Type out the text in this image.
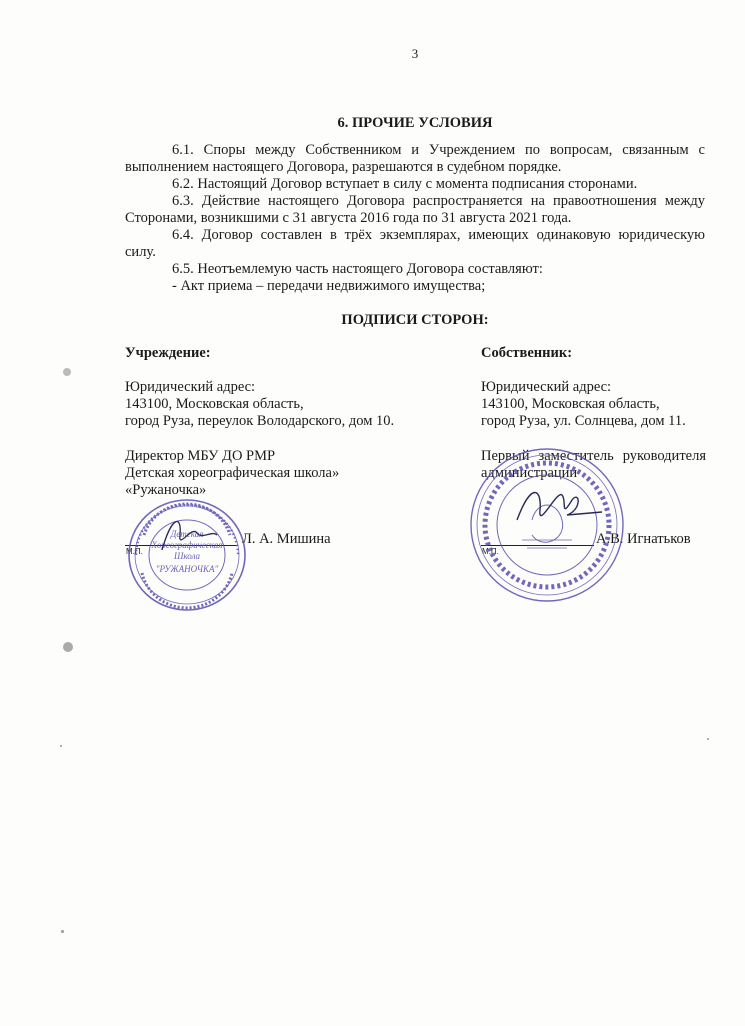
3
6. ПРОЧИЕ УСЛОВИЯ
6.1. Споры между Собственником и Учреждением по вопросам, связанным с
выполнением настоящего Договора, разрешаются в судебном порядке.
6.2. Настоящий Договор вступает в силу с момента подписания сторонами.
6.3. Действие настоящего Договора распространяется на правоотношения между
Сторонами, возникшими с 31 августа 2016 года по 31 августа 2021 года.
6.4. Договор составлен в трёх экземплярах, имеющих одинаковую юридическую
силу.
6.5. Неотъемлемую часть настоящего Договора составляют:
- Акт приема – передачи недвижимого имущества;
ПОДПИСИ СТОРОН:
Учреждение:
Юридический адрес:
143100, Московская область,
город Руза, переулок Володарского, дом 10.
Директор МБУ ДО РМР
Детская хореографическая школа»
«Ружаночка»
Л. А. Мишина
Собственник:
Юридический адрес:
143100, Московская область,
город Руза, ул. Солнцева, дом 11.
Первый заместитель руководителя
администрации
А.В. Игнатьков
М.П.	М.П.
Детская
Хореографическая
Школа
"РУЖАНОЧКА"
